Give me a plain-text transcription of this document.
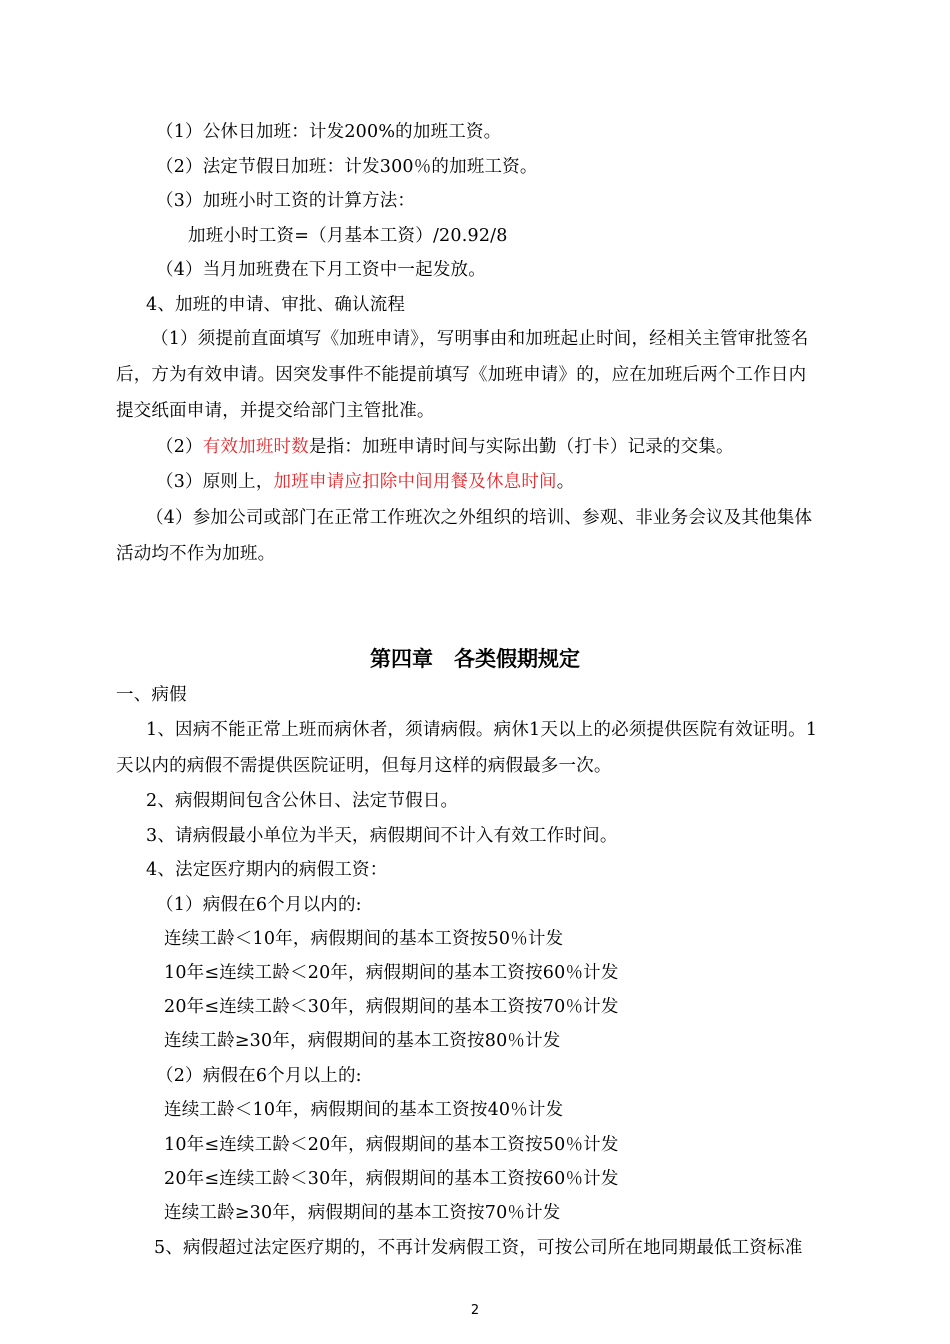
（1）公休日加班：计发200%的加班工资。
（2）法定节假日加班：计发300％的加班工资。
（3）加班小时工资的计算方法：
加班小时工资=（月基本工资）/20.92/8
（4）当月加班费在下月工资中一起发放。
4、加班的申请、审批、确认流程
（1）须提前直面填写《加班申请》，写明事由和加班起止时间，经相关主管审批签名
后，方为有效申请。因突发事件不能提前填写《加班申请》的，应在加班后两个工作日内
提交纸面申请，并提交给部门主管批准。
（2）有效加班时数是指：加班申请时间与实际出勤（打卡）记录的交集。
（3）原则上，加班申请应扣除中间用餐及休息时间。
（4）参加公司或部门在正常工作班次之外组织的培训、参观、非业务会议及其他集体
活动均不作为加班。
第四章　各类假期规定
一、病假
1、因病不能正常上班而病休者，须请病假。病休1天以上的必须提供医院有效证明。1
天以内的病假不需提供医院证明，但每月这样的病假最多一次。
2、病假期间包含公休日、法定节假日。
3、请病假最小单位为半天，病假期间不计入有效工作时间。
4、法定医疗期内的病假工资：
（1）病假在6个月以内的:
连续工龄＜10年，病假期间的基本工资按50％计发
10年≤连续工龄＜20年，病假期间的基本工资按60％计发
20年≤连续工龄＜30年，病假期间的基本工资按70％计发
连续工龄≥30年，病假期间的基本工资按80％计发
（2）病假在6个月以上的:
连续工龄＜10年，病假期间的基本工资按40％计发
10年≤连续工龄＜20年，病假期间的基本工资按50％计发
20年≤连续工龄＜30年，病假期间的基本工资按60％计发
连续工龄≥30年，病假期间的基本工资按70％计发
5、病假超过法定医疗期的，不再计发病假工资，可按公司所在地同期最低工资标准
2
